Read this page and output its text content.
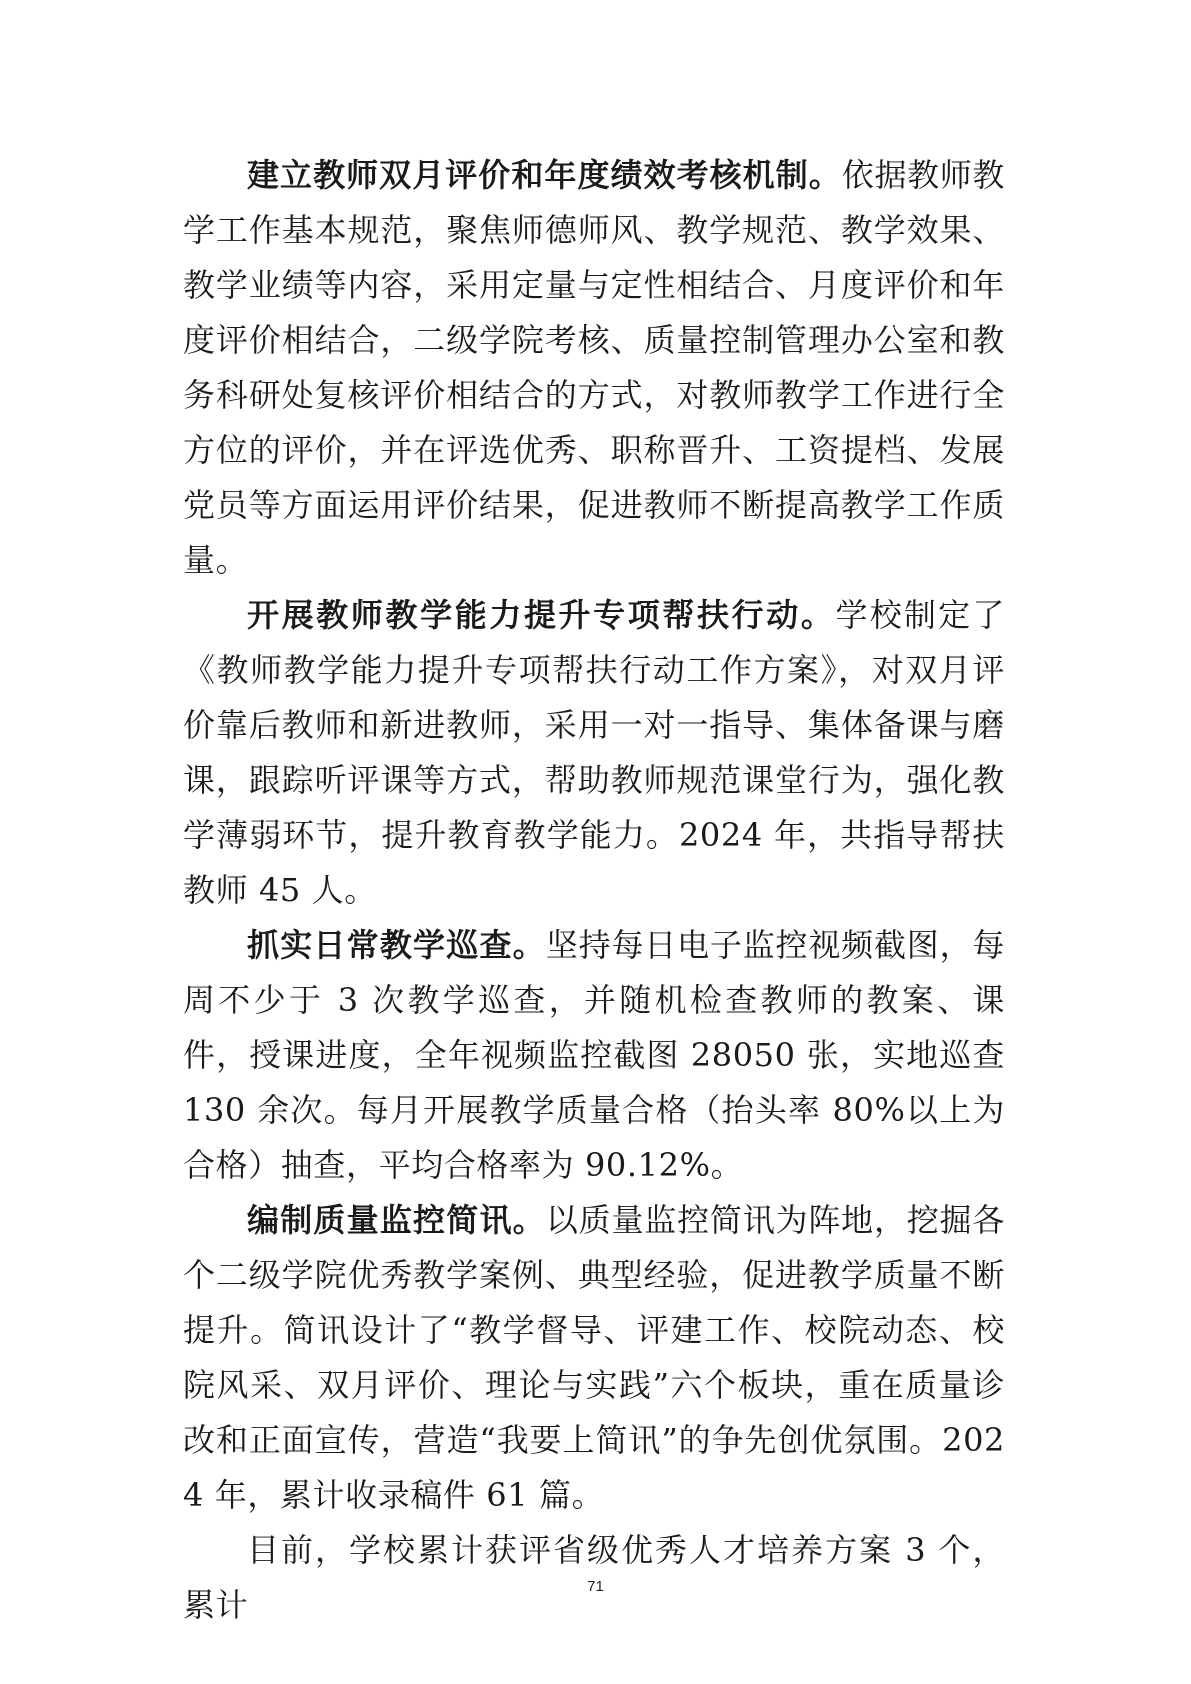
建立教师双月评价和年度绩效考核机制。依据教师教学工作基本规范，聚焦师德师风、教学规范、教学效果、教学业绩等内容，采用定量与定性相结合、月度评价和年度评价相结合，二级学院考核、质量控制管理办公室和教务科研处复核评价相结合的方式，对教师教学工作进行全方位的评价，并在评选优秀、职称晋升、工资提档、发展党员等方面运用评价结果，促进教师不断提高教学工作质量。

开展教师教学能力提升专项帮扶行动。学校制定了《教师教学能力提升专项帮扶行动工作方案》，对双月评价靠后教师和新进教师，采用一对一指导、集体备课与磨课，跟踪听评课等方式，帮助教师规范课堂行为，强化教学薄弱环节，提升教育教学能力。2024 年，共指导帮扶教师 45 人。

抓实日常教学巡查。坚持每日电子监控视频截图，每周不少于 3 次教学巡查，并随机检查教师的教案、课件，授课进度，全年视频监控截图 28050 张，实地巡查 130 余次。每月开展教学质量合格（抬头率 80%以上为合格）抽查，平均合格率为 90.12%。

编制质量监控简讯。以质量监控简讯为阵地，挖掘各个二级学院优秀教学案例、典型经验，促进教学质量不断提升。简讯设计了“教学督导、评建工作、校院动态、校院风采、双月评价、理论与实践”六个板块，重在质量诊改和正面宣传，营造“我要上简讯”的争先创优氛围。2024 年，累计收录稿件 61 篇。

目前，学校累计获评省级优秀人才培养方案 3 个，累计	71
